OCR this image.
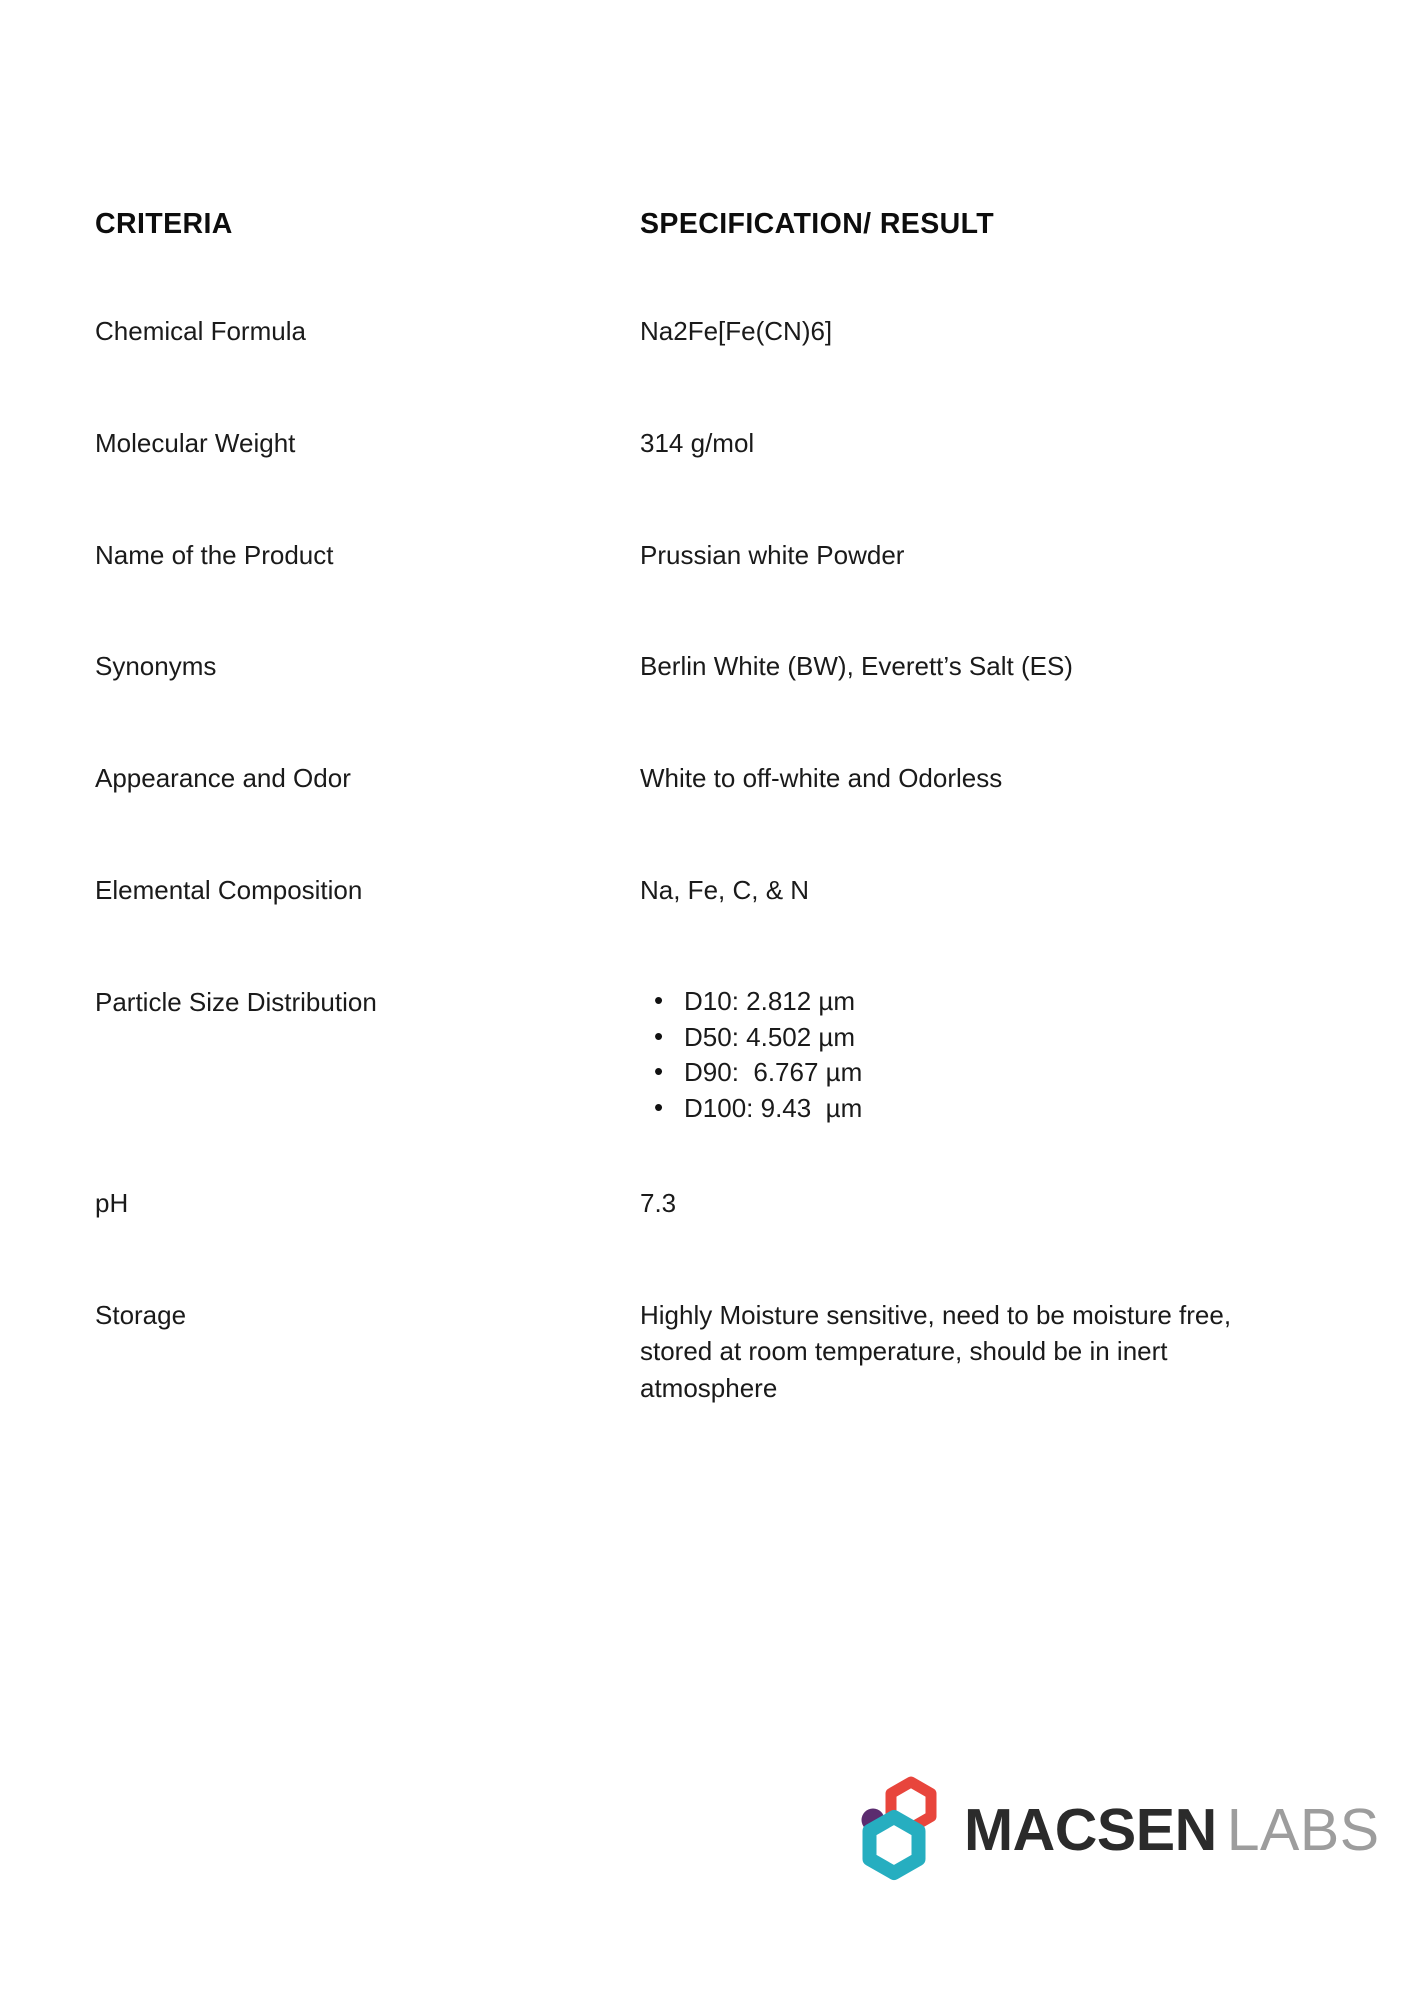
CRITERIA	SPECIFICATION/ RESULT
Chemical Formula	Na2Fe[Fe(CN)6]
Molecular Weight	314 g/mol
Name of the Product	Prussian white Powder
Synonyms	Berlin White (BW), Everett’s Salt (ES)
Appearance and Odor	White to off-white and Odorless
Elemental Composition	Na, Fe, C, & N
Particle Size Distribution	
•D10: 2.812 µm
• D50: 4.502 µm
• D90:  6.767 µm
• D100: 9.43  µm

pH	7.3
Storage	Highly Moisture sensitive, need to be moisture free, stored at room temperature, should be in inert atmosphere
MACSEN LABS
